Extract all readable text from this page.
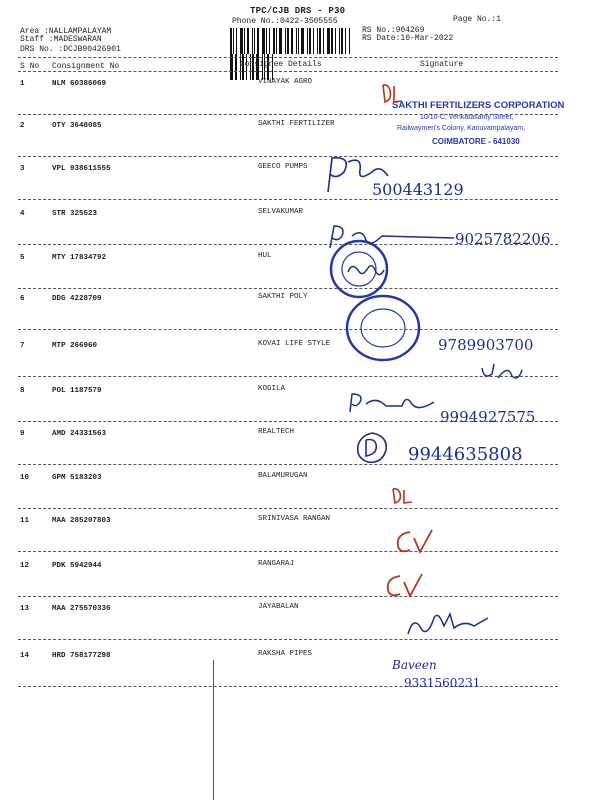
TPC/CJB DRS - P30
Phone No.:0422-3505555	Page No.:1
Area :NALLAMPALAYAM
Staff :MADESWARAN
DRS No. :DCJB90426901
RS No.:904269
RS Date:10-Mar-2022
S No Consignment No	Consignee Details	Signature
1	NLM 60386069	VINAYAK AGRO
2	OTY 3648085	SAKTHI FERTILIZER
3	VPL 938611555	GEECO PUMPS
4	STR 325523	SELVAKUMAR
5	MTY 17834792	HUL
6	DDG 4228709	SAKTHI POLY
7	MTP 266960	KOVAI LIFE STYLE
8	POL 1187579	KOGILA
9	AMD 24331563	REALTECH
10	GPM 5183203	BALAMURUGAN
11	MAA 285207803	SRINIVASA RANGAN
12	PDK 5942944	RANGARAJ
13	MAA 275570336	JAYABALAN
14	HRD 758177298	RAKSHA PIPES
SAKTHI FERTILIZERS CORPORATION
10/10-C, Venkatasamy Street,
Railwaymen's Colony, Kanuvampalayam,
COIMBATORE - 641030
500443129
9025782206
9789903700
9994927575
9944635808
Baveen
9331560231
